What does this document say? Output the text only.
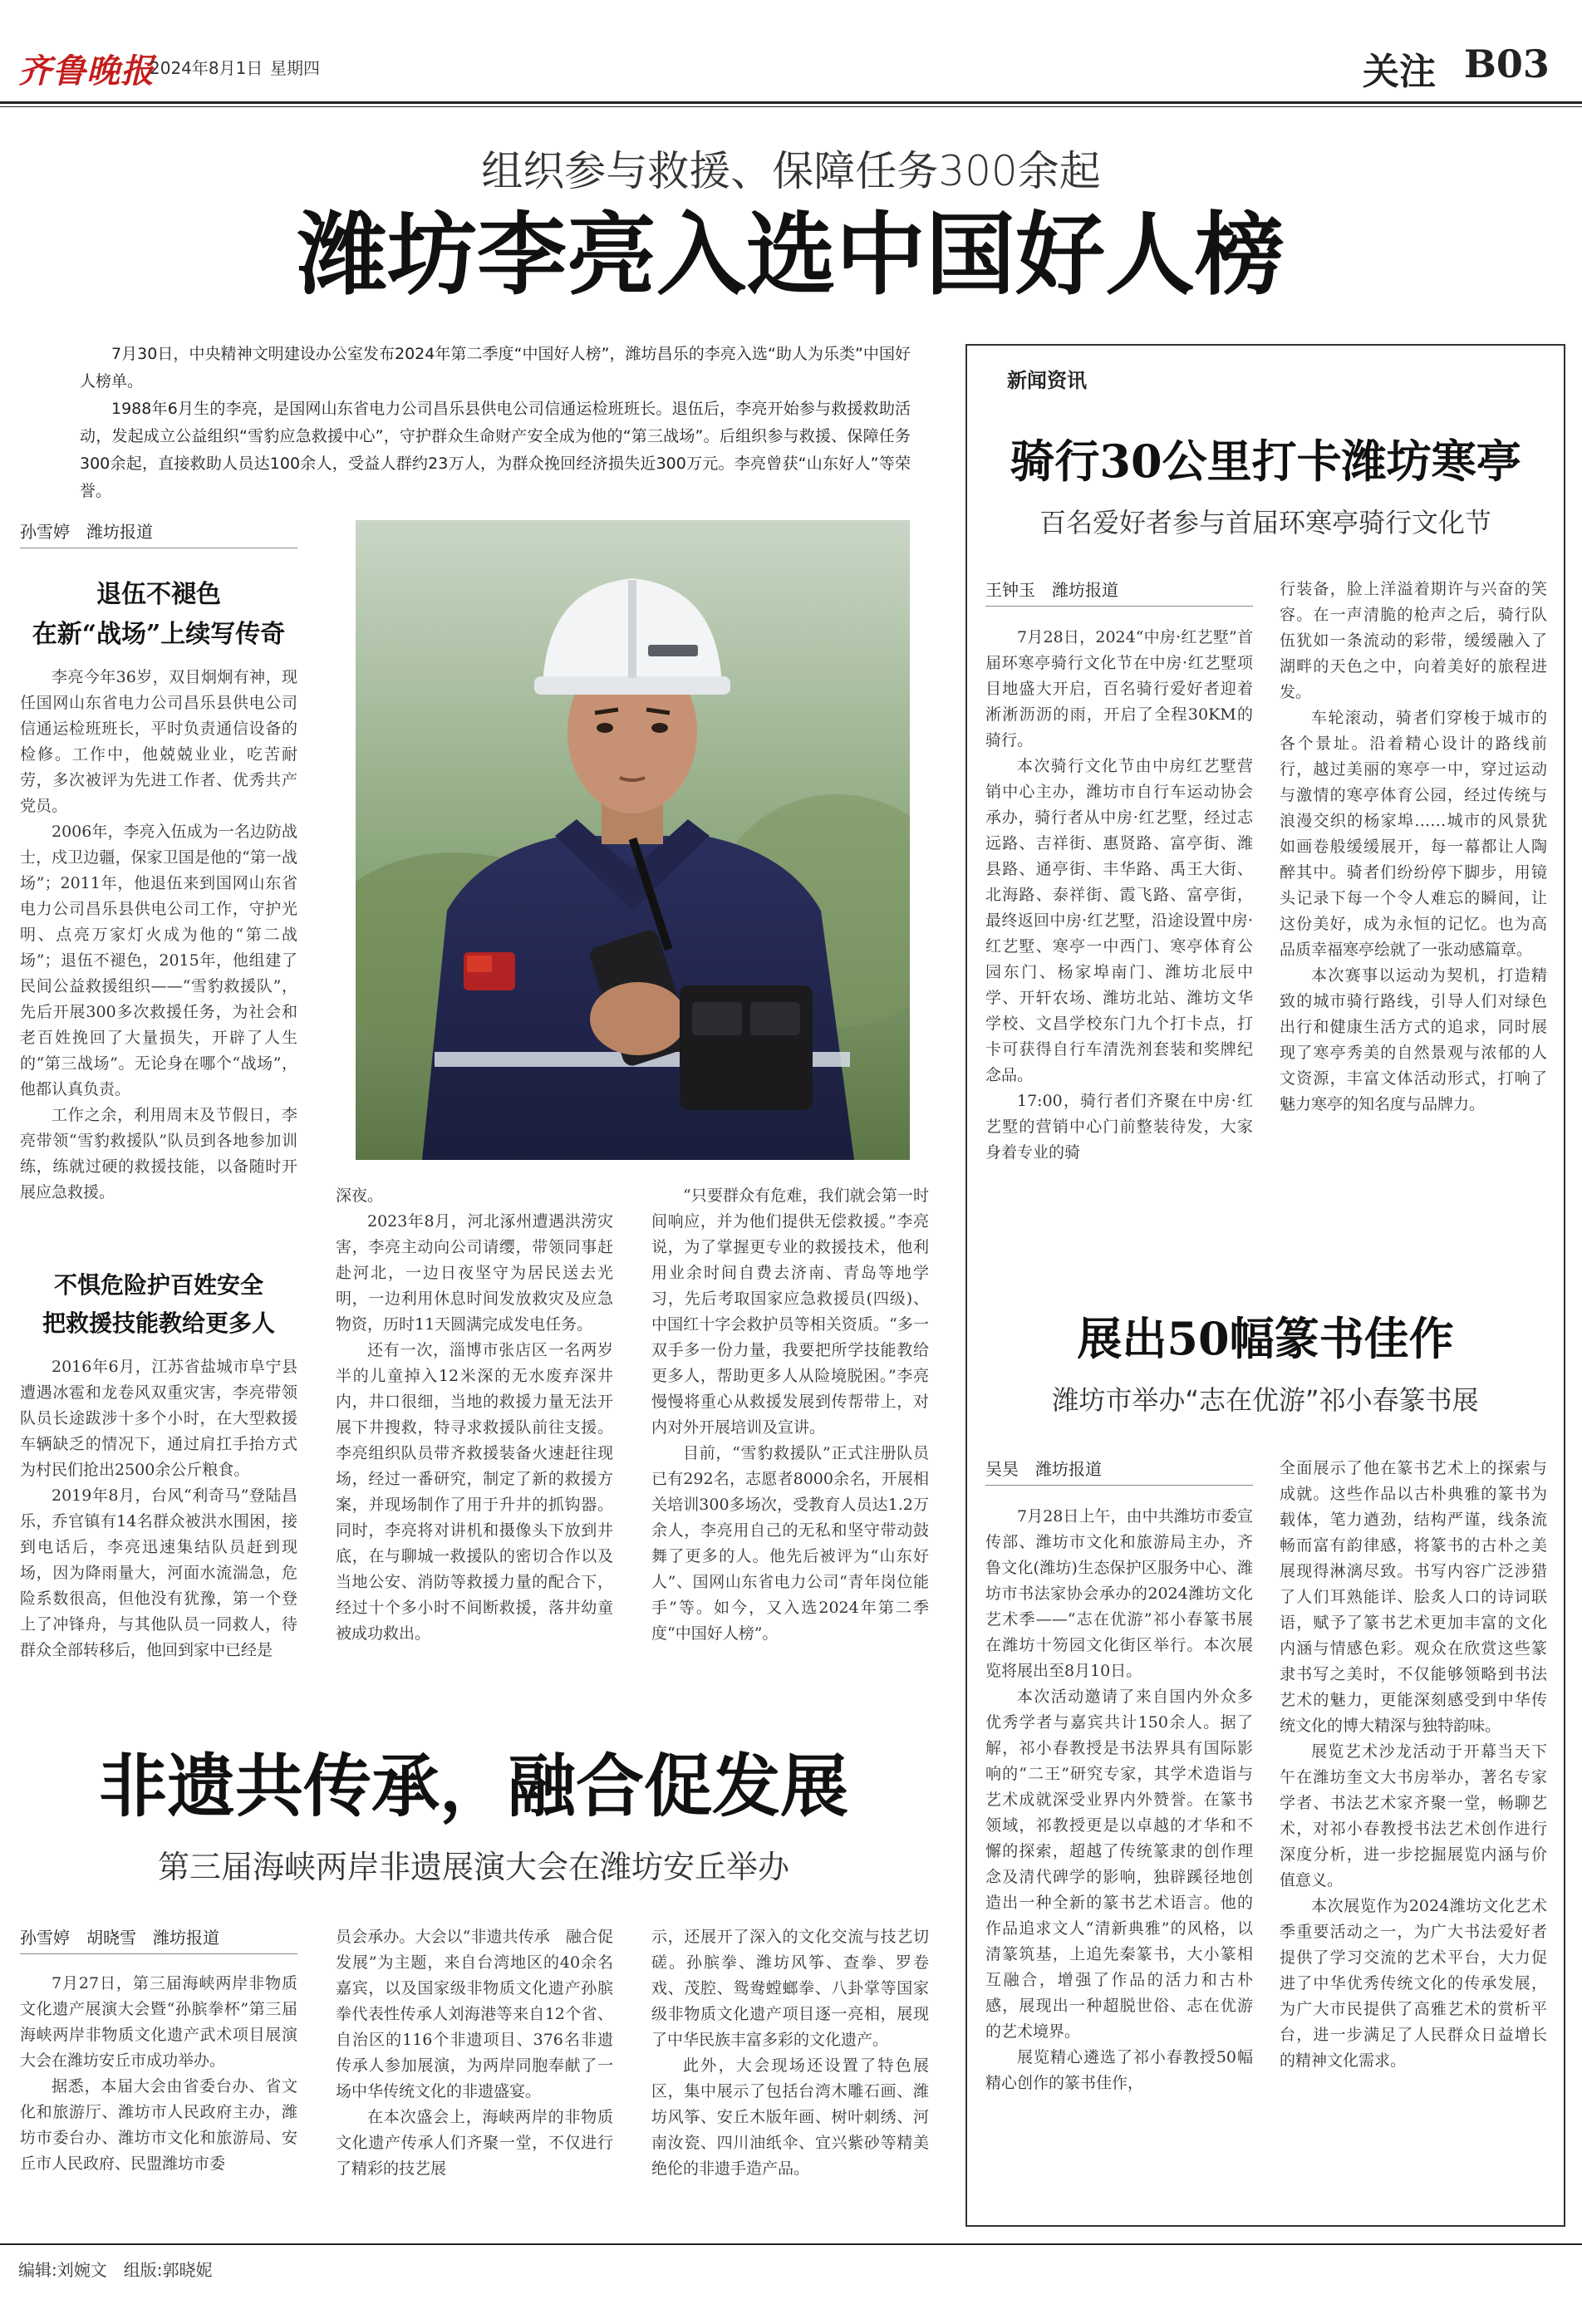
齐鲁晚报
2024年8月1日 星期四	关注 B03
组织参与救援、保障任务300余起
潍坊李亮入选中国好人榜

7月30日，中央精神文明建设办公室发布2024年第二季度“中国好人榜”，潍坊昌乐的李亮入选“助人为乐类”中国好人榜单。

1988年6月生的李亮，是国网山东省电力公司昌乐县供电公司信通运检班班长。退伍后，李亮开始参与救援救助活动，发起成立公益组织“雪豹应急救援中心”，守护群众生命财产安全成为他的“第三战场”。后组织参与救援、保障任务300余起，直接救助人员达100余人，受益人群约23万人，为群众挽回经济损失近300万元。李亮曾获“山东好人”等荣誉。

孙雪婷　潍坊报道
退伍不褪色
在新“战场”上续写传奇

李亮今年36岁，双目炯炯有神，现任国网山东省电力公司昌乐县供电公司信通运检班班长，平时负责通信设备的检修。工作中，他兢兢业业，吃苦耐劳，多次被评为先进工作者、优秀共产党员。

2006年，李亮入伍成为一名边防战士，戍卫边疆，保家卫国是他的“第一战场”；2011年，他退伍来到国网山东省电力公司昌乐县供电公司工作，守护光明、点亮万家灯火成为他的“第二战场”；退伍不褪色，2015年，他组建了民间公益救援组织——“雪豹救援队”，先后开展300多次救援任务，为社会和老百姓挽回了大量损失，开辟了人生的“第三战场”。无论身在哪个“战场”，他都认真负责。

工作之余，利用周末及节假日，李亮带领“雪豹救援队”队员到各地参加训练，练就过硬的救援技能，以备随时开展应急救援。

不惧危险护百姓安全
把救援技能教给更多人

2016年6月，江苏省盐城市阜宁县遭遇冰雹和龙卷风双重灾害，李亮带领队员长途跋涉十多个小时，在大型救援车辆缺乏的情况下，通过肩扛手抬方式为村民们抢出2500余公斤粮食。

2019年8月，台风“利奇马”登陆昌乐，乔官镇有14名群众被洪水围困，接到电话后，李亮迅速集结队员赶到现场，因为降雨量大，河面水流湍急，危险系数很高，但他没有犹豫，第一个登上了冲锋舟，与其他队员一同救人，待群众全部转移后，他回到家中已经是

深夜。

2023年8月，河北涿州遭遇洪涝灾害，李亮主动向公司请缨，带领同事赶赴河北，一边日夜坚守为居民送去光明，一边利用休息时间发放救灾及应急物资，历时11天圆满完成发电任务。

还有一次，淄博市张店区一名两岁半的儿童掉入12米深的无水废弃深井内，井口很细，当地的救援力量无法开展下井搜救，特寻求救援队前往支援。李亮组织队员带齐救援装备火速赶往现场，经过一番研究，制定了新的救援方案，并现场制作了用于升井的抓钩器。同时，李亮将对讲机和摄像头下放到井底，在与聊城一救援队的密切合作以及当地公安、消防等救援力量的配合下，经过十个多小时不间断救援，落井幼童被成功救出。

“只要群众有危难，我们就会第一时间响应，并为他们提供无偿救援。”李亮说，为了掌握更专业的救援技术，他利用业余时间自费去济南、青岛等地学习，先后考取国家应急救援员(四级)、中国红十字会救护员等相关资质。“多一双手多一份力量，我要把所学技能教给更多人，帮助更多人从险境脱困。”李亮慢慢将重心从救援发展到传帮带上，对内对外开展培训及宣讲。

目前，“雪豹救援队”正式注册队员已有292名，志愿者8000余名，开展相关培训300多场次，受教育人员达1.2万余人，李亮用自己的无私和坚守带动鼓舞了更多的人。他先后被评为“山东好人”、国网山东省电力公司“青年岗位能手”等。如今，又入选2024年第二季度“中国好人榜”。

非遗共传承，融合促发展
第三届海峡两岸非遗展演大会在潍坊安丘举办
孙雪婷　胡晓雪　潍坊报道

7月27日，第三届海峡两岸非物质文化遗产展演大会暨“孙膑拳杯”第三届海峡两岸非物质文化遗产武术项目展演大会在潍坊安丘市成功举办。

据悉，本届大会由省委台办、省文化和旅游厅、潍坊市人民政府主办，潍坊市委台办、潍坊市文化和旅游局、安丘市人民政府、民盟潍坊市委

员会承办。大会以“非遗共传承　融合促发展”为主题，来自台湾地区的40余名嘉宾，以及国家级非物质文化遗产孙膑拳代表性传承人刘海港等来自12个省、自治区的116个非遗项目、376名非遗传承人参加展演，为两岸同胞奉献了一场中华传统文化的非遗盛宴。

在本次盛会上，海峡两岸的非物质文化遗产传承人们齐聚一堂，不仅进行了精彩的技艺展

示，还展开了深入的文化交流与技艺切磋。孙膑拳、潍坊风筝、查拳、罗卷戏、茂腔、鸳鸯螳螂拳、八卦掌等国家级非物质文化遗产项目逐一亮相，展现了中华民族丰富多彩的文化遗产。

此外，大会现场还设置了特色展区，集中展示了包括台湾木雕石画、潍坊风筝、安丘木版年画、树叶刺绣、河南汝瓷、四川油纸伞、宜兴紫砂等精美绝伦的非遗手造产品。

新闻资讯
骑行30公里打卡潍坊寒亭
百名爱好者参与首届环寒亭骑行文化节
王钟玉　潍坊报道

7月28日，2024“中房·红艺墅”首届环寒亭骑行文化节在中房·红艺墅项目地盛大开启，百名骑行爱好者迎着淅淅沥沥的雨，开启了全程30KM的骑行。

本次骑行文化节由中房红艺墅营销中心主办，潍坊市自行车运动协会承办，骑行者从中房·红艺墅，经过志远路、吉祥街、惠贤路、富亭街、潍县路、通亭街、丰华路、禹王大街、北海路、泰祥街、霞飞路、富亭街，最终返回中房·红艺墅，沿途设置中房·红艺墅、寒亭一中西门、寒亭体育公园东门、杨家埠南门、潍坊北辰中学、开轩农场、潍坊北站、潍坊文华学校、文昌学校东门九个打卡点，打卡可获得自行车清洗剂套装和奖牌纪念品。

17:00，骑行者们齐聚在中房·红艺墅的营销中心门前整装待发，大家身着专业的骑

行装备，脸上洋溢着期许与兴奋的笑容。在一声清脆的枪声之后，骑行队伍犹如一条流动的彩带，缓缓融入了湖畔的天色之中，向着美好的旅程进发。

车轮滚动，骑者们穿梭于城市的各个景址。沿着精心设计的路线前行，越过美丽的寒亭一中，穿过运动与激情的寒亭体育公园，经过传统与浪漫交织的杨家埠……城市的风景犹如画卷般缓缓展开，每一幕都让人陶醉其中。骑者们纷纷停下脚步，用镜头记录下每一个令人难忘的瞬间，让这份美好，成为永恒的记忆。也为高品质幸福寒亭绘就了一张动感篇章。

本次赛事以运动为契机，打造精致的城市骑行路线，引导人们对绿色出行和健康生活方式的追求，同时展现了寒亭秀美的自然景观与浓郁的人文资源，丰富文体活动形式，打响了魅力寒亭的知名度与品牌力。

展出50幅篆书佳作
潍坊市举办“志在优游”祁小春篆书展
吴昊　潍坊报道

7月28日上午，由中共潍坊市委宣传部、潍坊市文化和旅游局主办，齐鲁文化(潍坊)生态保护区服务中心、潍坊市书法家协会承办的2024潍坊文化艺术季——“志在优游”祁小春篆书展在潍坊十笏园文化街区举行。本次展览将展出至8月10日。

本次活动邀请了来自国内外众多优秀学者与嘉宾共计150余人。据了解，祁小春教授是书法界具有国际影响的“二王”研究专家，其学术造诣与艺术成就深受业界内外赞誉。在篆书领域，祁教授更是以卓越的才华和不懈的探索，超越了传统篆隶的创作理念及清代碑学的影响，独辟蹊径地创造出一种全新的篆书艺术语言。他的作品追求文人“清新典雅”的风格，以清篆筑基，上追先秦篆书，大小篆相互融合，增强了作品的活力和古朴感，展现出一种超脱世俗、志在优游的艺术境界。

展览精心遴选了祁小春教授50幅精心创作的篆书佳作，

全面展示了他在篆书艺术上的探索与成就。这些作品以古朴典雅的篆书为载体，笔力遒劲，结构严谨，线条流畅而富有韵律感，将篆书的古朴之美展现得淋漓尽致。书写内容广泛涉猎了人们耳熟能详、脍炙人口的诗词联语，赋予了篆书艺术更加丰富的文化内涵与情感色彩。观众在欣赏这些篆隶书写之美时，不仅能够领略到书法艺术的魅力，更能深刻感受到中华传统文化的博大精深与独特韵味。

展览艺术沙龙活动于开幕当天下午在潍坊奎文大书房举办，著名专家学者、书法艺术家齐聚一堂，畅聊艺术，对祁小春教授书法艺术创作进行深度分析，进一步挖掘展览内涵与价值意义。

本次展览作为2024潍坊文化艺术季重要活动之一，为广大书法爱好者提供了学习交流的艺术平台，大力促进了中华优秀传统文化的传承发展，为广大市民提供了高雅艺术的赏析平台，进一步满足了人民群众日益增长的精神文化需求。

编辑:刘婉文　组版:郭晓妮
